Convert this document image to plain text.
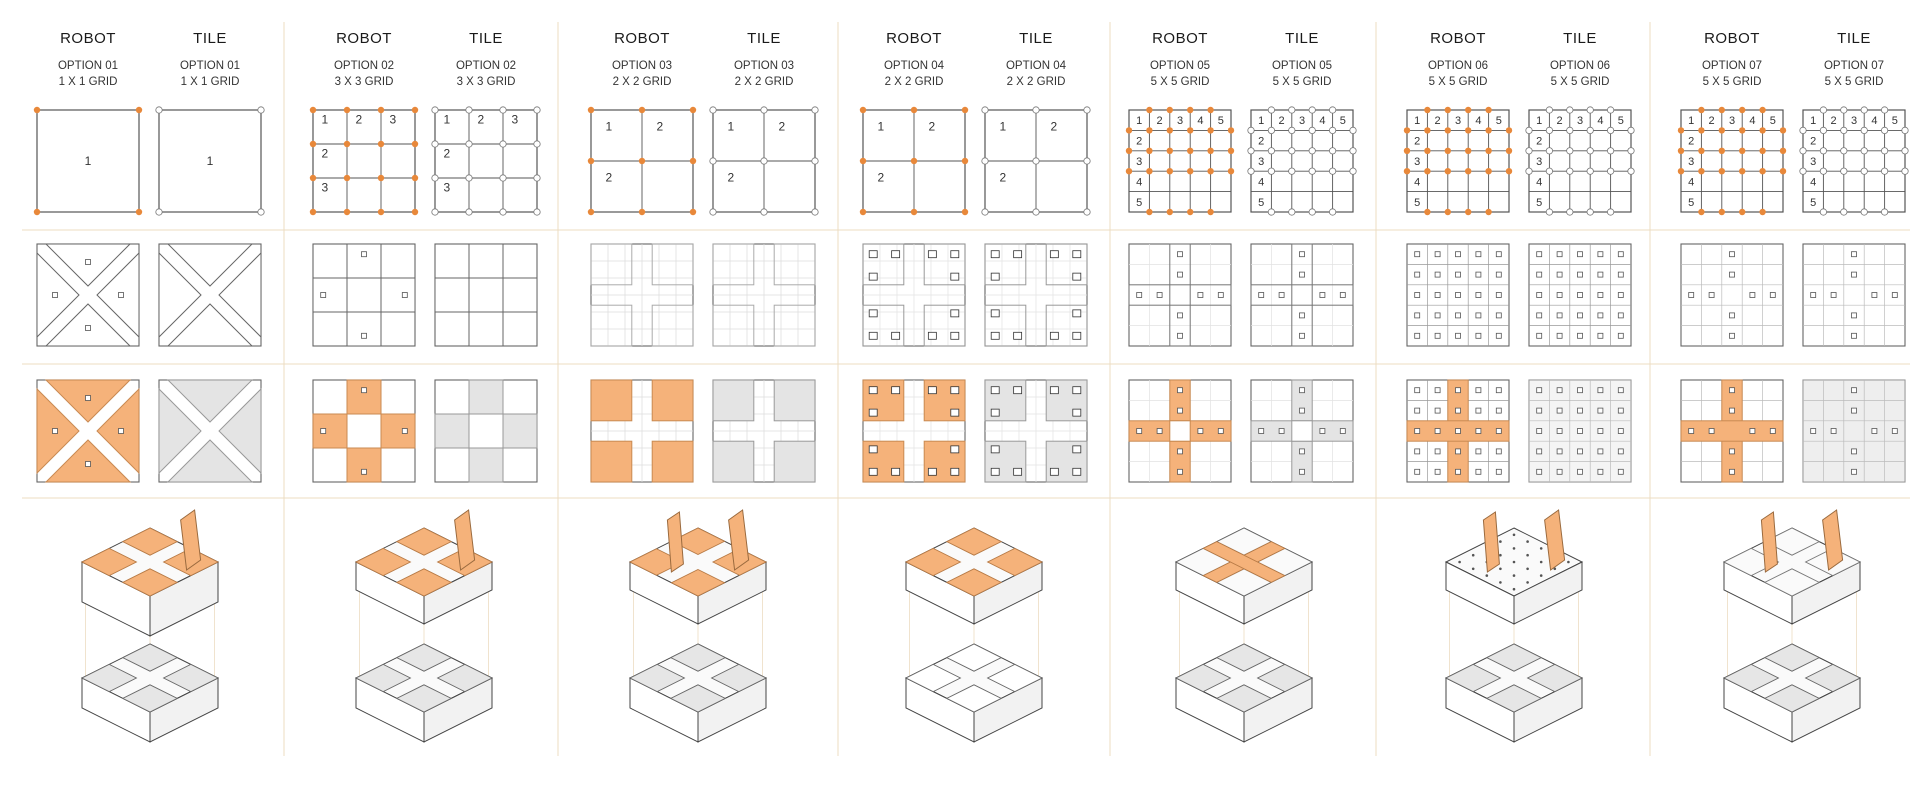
ROBOT
OPTION 01
1 X 1 GRID
TILE
OPTION 01
1 X 1 GRID
ROBOT
OPTION 02
3 X 3 GRID
TILE
OPTION 02
3 X 3 GRID
ROBOT
OPTION 03
2 X 2 GRID
TILE
OPTION 03
2 X 2 GRID
ROBOT
OPTION 04
2 X 2 GRID
TILE
OPTION 04
2 X 2 GRID
ROBOT
OPTION 05
5 X 5 GRID
TILE
OPTION 05
5 X 5 GRID
ROBOT
OPTION 06
5 X 5 GRID
TILE
OPTION 06
5 X 5 GRID
ROBOT
OPTION 07
5 X 5 GRID
TILE
OPTION 07
5 X 5 GRID
1	1
1 2 3
2
3
1 2 3
2
3
1	2
2
1	2
2
1	2
2
1	2
2
1 2 3 4 5
2
3
4
5
1 2 3 4 5
2
3
4
5
1 2 3 4 5
2
3
4
5
1 2 3 4 5
2
3
4
5
1 2 3 4 5
2
3
4
5
1 2 3 4 5
2
3
4
5
